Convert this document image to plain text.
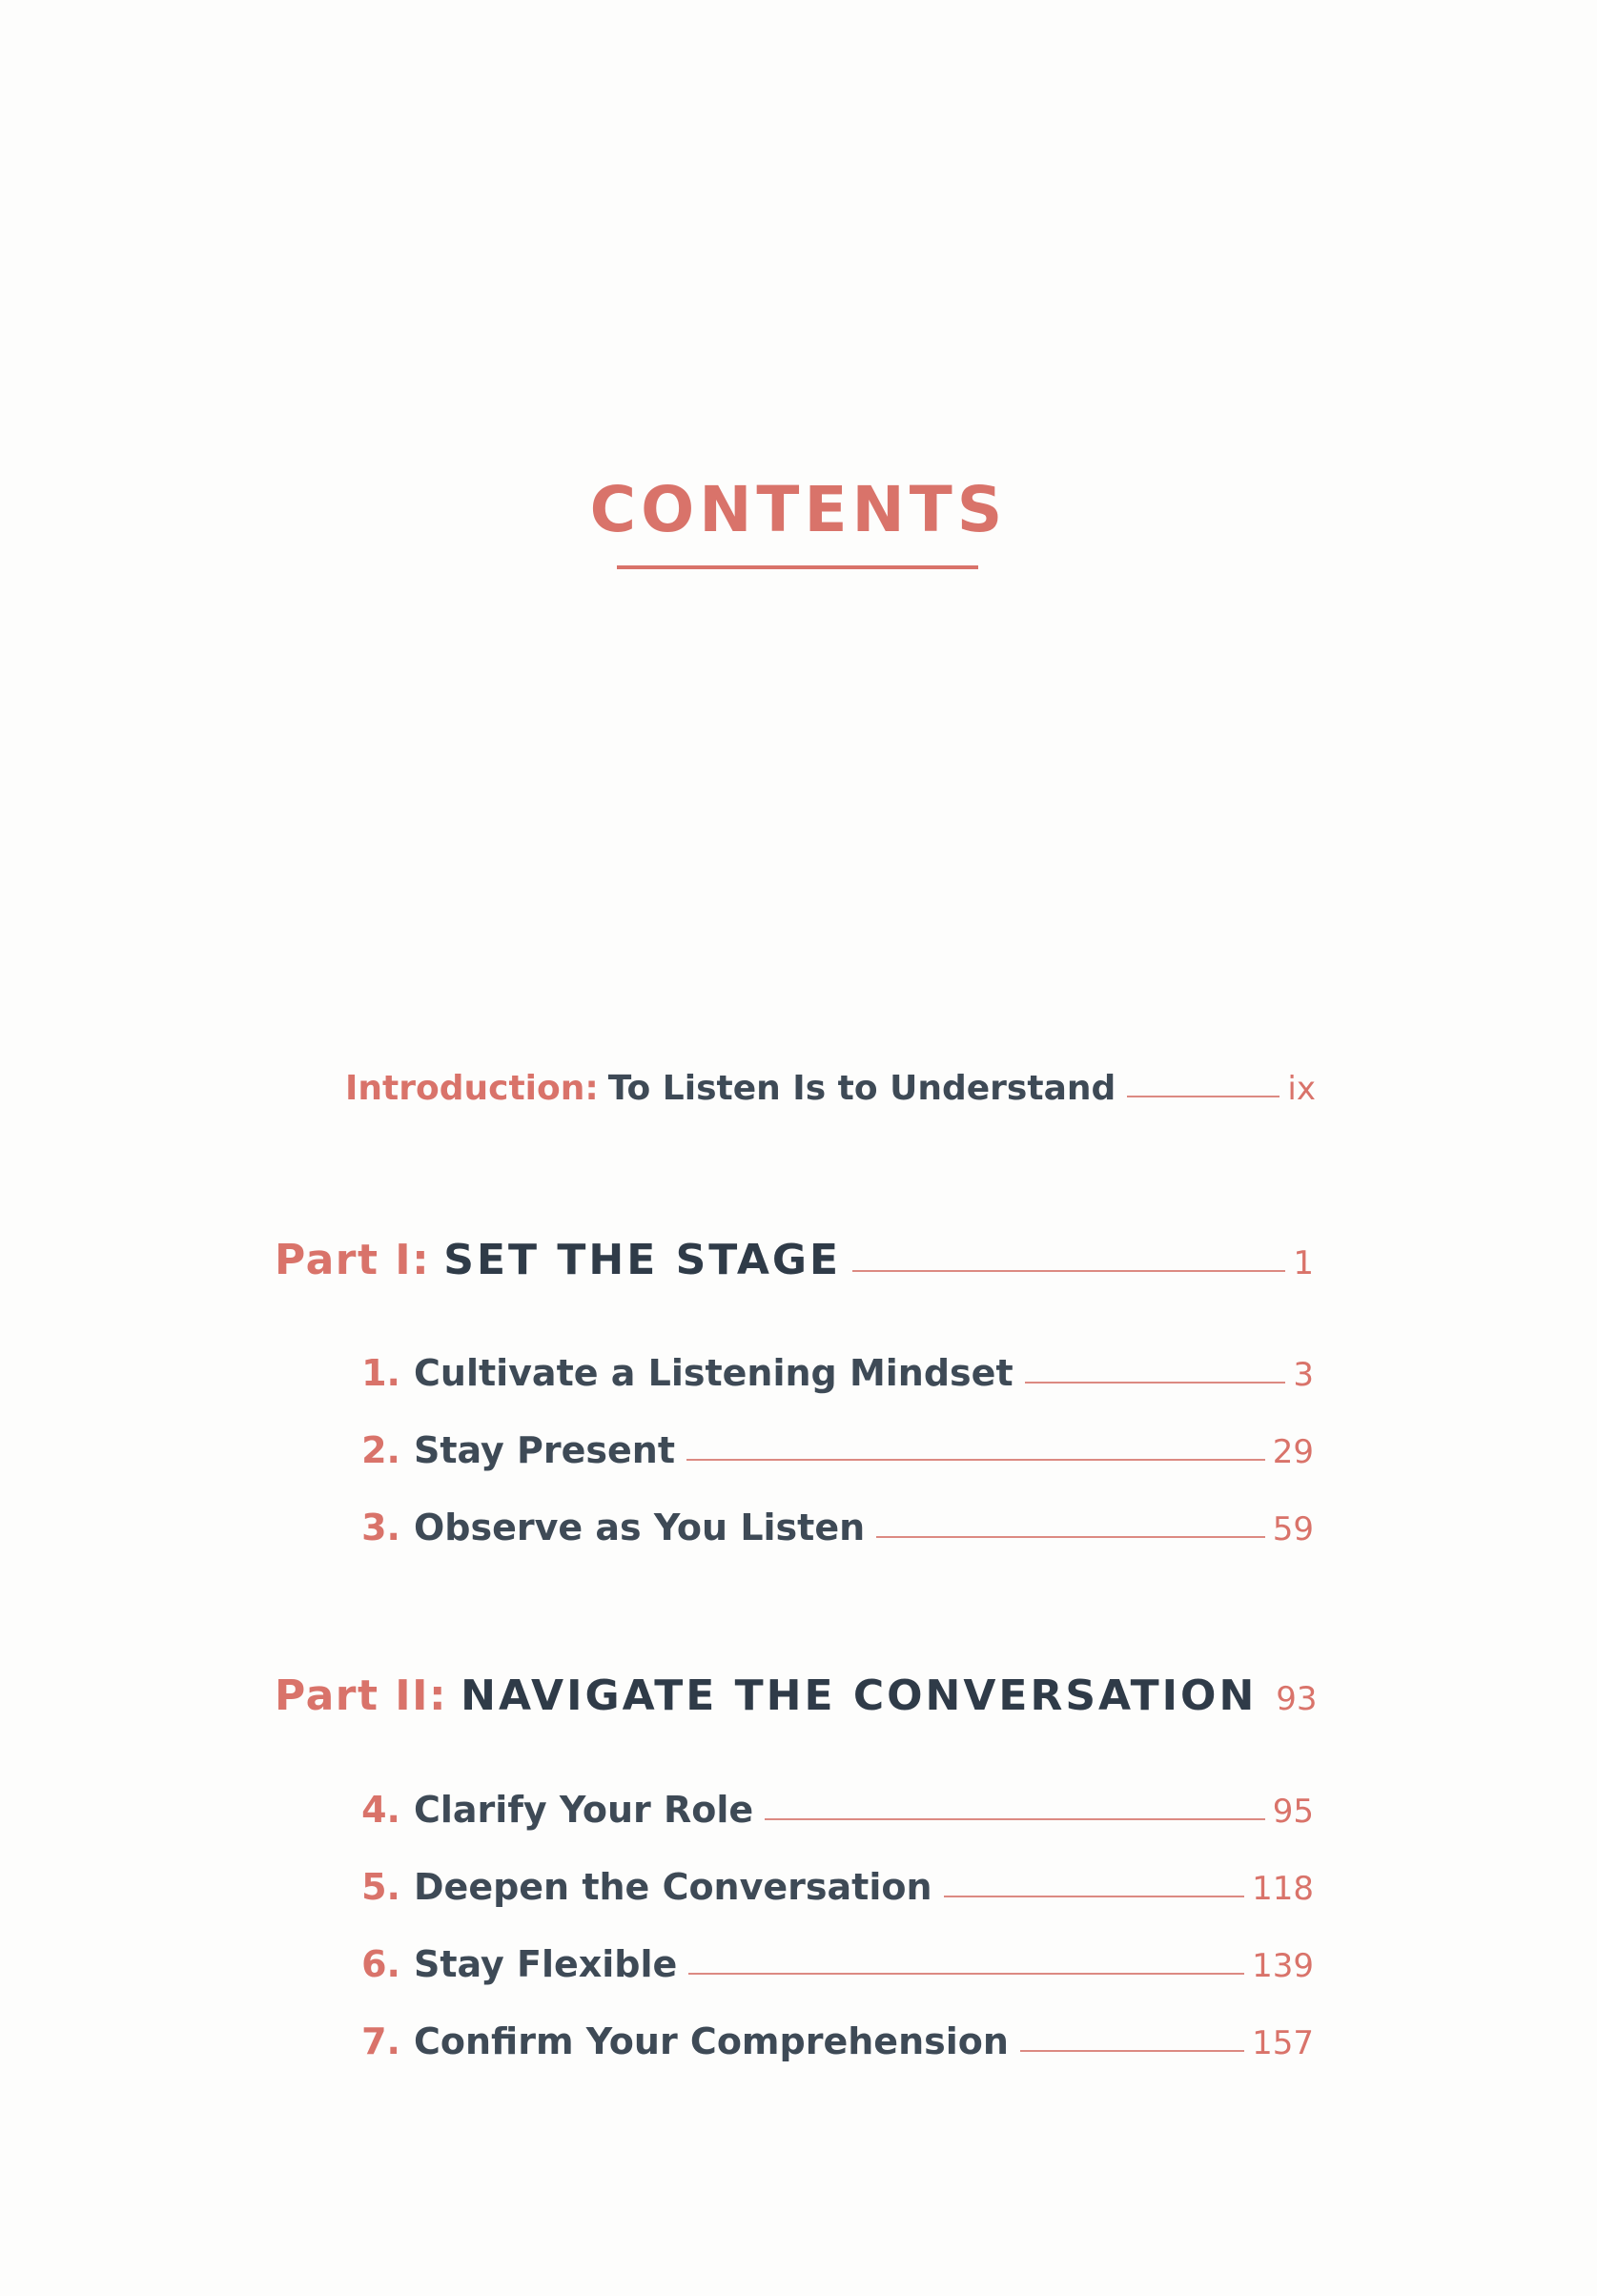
CONTENTS
Introduction: To Listen Is to Understand	ix
Part I: SET THE STAGE	1
1. Cultivate a Listening Mindset	3
2. Stay Present	29
3. Observe as You Listen	59
Part II: NAVIGATE THE CONVERSATION 93
4. Clarify Your Role	95
5. Deepen the Conversation	118
6. Stay Flexible	139
7. Confirm Your Comprehension	157
